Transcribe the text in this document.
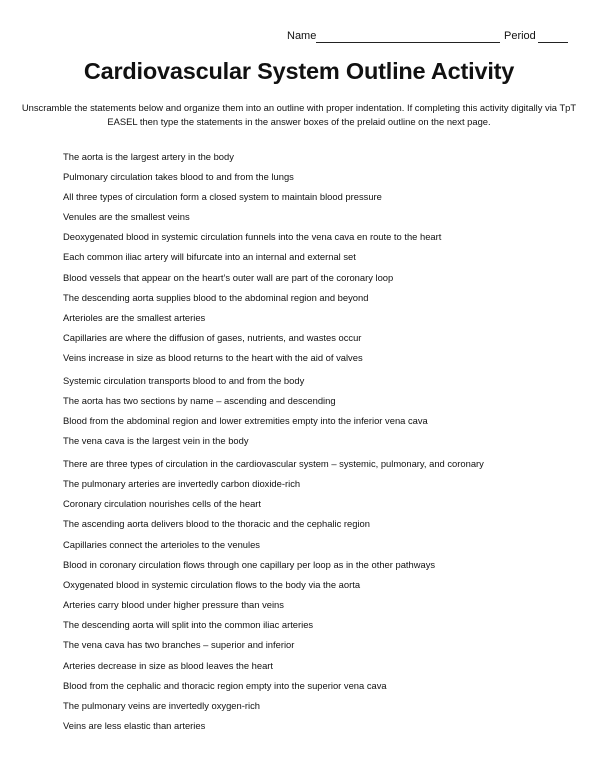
Name	Period
Cardiovascular System Outline Activity
Unscramble the statements below and organize them into an outline with proper indentation. If completing this activity digitally via TpT EASEL then type the statements in the answer boxes of the prelaid outline on the next page.
The aorta is the largest artery in the body
Pulmonary circulation takes blood to and from the lungs
All three types of circulation form a closed system to maintain blood pressure
Venules are the smallest veins
Deoxygenated blood in systemic circulation funnels into the vena cava en route to the heart
Each common iliac artery will bifurcate into an internal and external set
Blood vessels that appear on the heart’s outer wall are part of the coronary loop
The descending aorta supplies blood to the abdominal region and beyond
Arterioles are the smallest arteries
Capillaries are where the diffusion of gases, nutrients, and wastes occur
Veins increase in size as blood returns to the heart with the aid of valves
Systemic circulation transports blood to and from the body
The aorta has two sections by name – ascending and descending
Blood from the abdominal region and lower extremities empty into the inferior vena cava
The vena cava is the largest vein in the body
There are three types of circulation in the cardiovascular system – systemic, pulmonary, and coronary
The pulmonary arteries are invertedly carbon dioxide-rich
Coronary circulation nourishes cells of the heart
The ascending aorta delivers blood to the thoracic and the cephalic region
Capillaries connect the arterioles to the venules
Blood in coronary circulation flows through one capillary per loop as in the other pathways
Oxygenated blood in systemic circulation flows to the body via the aorta
Arteries carry blood under higher pressure than veins
The descending aorta will split into the common iliac arteries
The vena cava has two branches – superior and inferior
Arteries decrease in size as blood leaves the heart
Blood from the cephalic and thoracic region empty into the superior vena cava
The pulmonary veins are invertedly oxygen-rich
Veins are less elastic than arteries
